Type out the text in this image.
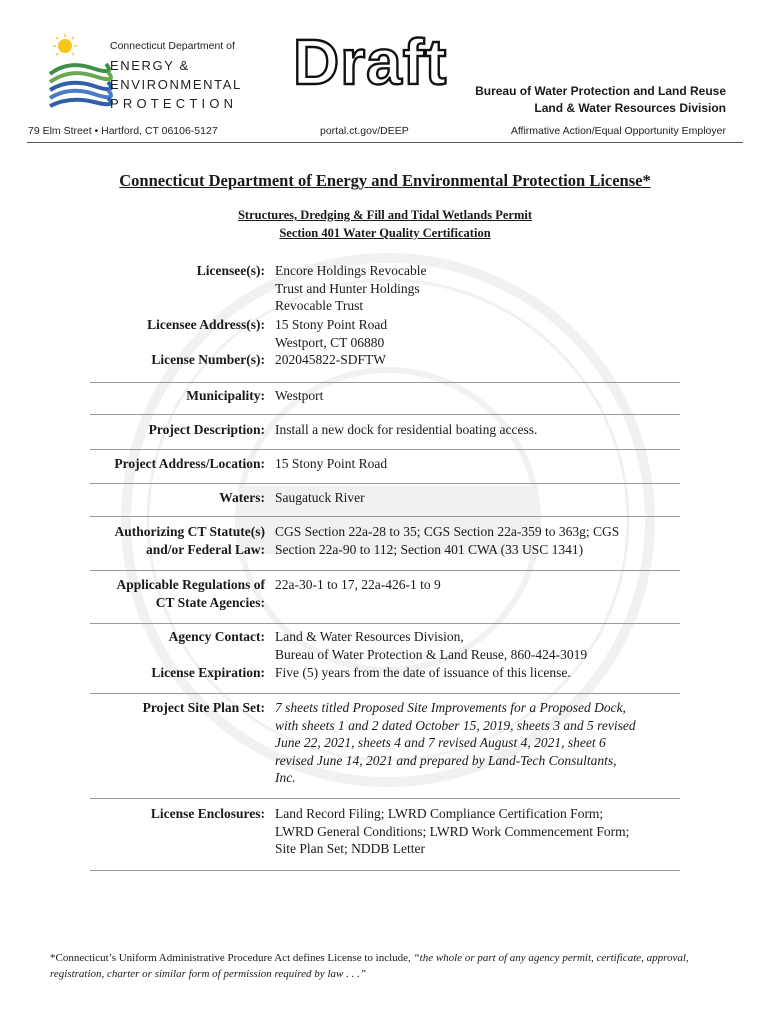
Connecticut Department of
ENERGY &
ENVIRONMENTAL
PROTECTION
Draft Bureau of Water Protection and Land Reuse
Land & Water Resources Division
79 Elm Street • Hartford, CT 06106-5127	portal.ct.gov/DEEP	Affirmative Action/Equal Opportunity Employer
Connecticut Department of Energy and Environmental Protection License*
Structures, Dredging & Fill and Tidal Wetlands Permit
Section 401 Water Quality Certification
Licensee(s): Encore Holdings Revocable
Trust and Hunter Holdings
Revocable Trust
Licensee Address(s): 15 Stony Point Road
Westport, CT 06880
License Number(s): 202045822-SDFTW
Municipality: Westport
Project Description: Install a new dock for residential boating access.
Project Address/Location: 15 Stony Point Road
Waters: Saugatuck River
Authorizing CT Statute(s)
and/or Federal Law:
CGS Section 22a-28 to 35; CGS Section 22a-359 to 363g; CGS
Section 22a-90 to 112; Section 401 CWA (33 USC 1341)
Applicable Regulations of
CT State Agencies:
22a-30-1 to 17, 22a-426-1 to 9
Agency Contact: Land & Water Resources Division,
Bureau of Water Protection & Land Reuse, 860-424-3019
License Expiration: Five (5) years from the date of issuance of this license.
Project Site Plan Set: 7 sheets titled Proposed Site Improvements for a Proposed Dock,
with sheets 1 and 2 dated October 15, 2019, sheets 3 and 5 revised
June 22, 2021, sheets 4 and 7 revised August 4, 2021, sheet 6
revised June 14, 2021 and prepared by Land-Tech Consultants,
Inc.
License Enclosures: Land Record Filing; LWRD Compliance Certification Form;
LWRD General Conditions; LWRD Work Commencement Form;
Site Plan Set; NDDB Letter
*Connecticut’s Uniform Administrative Procedure Act defines License to include, “the whole or part of any agency permit, certificate, approval, registration, charter or similar form of permission required by law . . .”
